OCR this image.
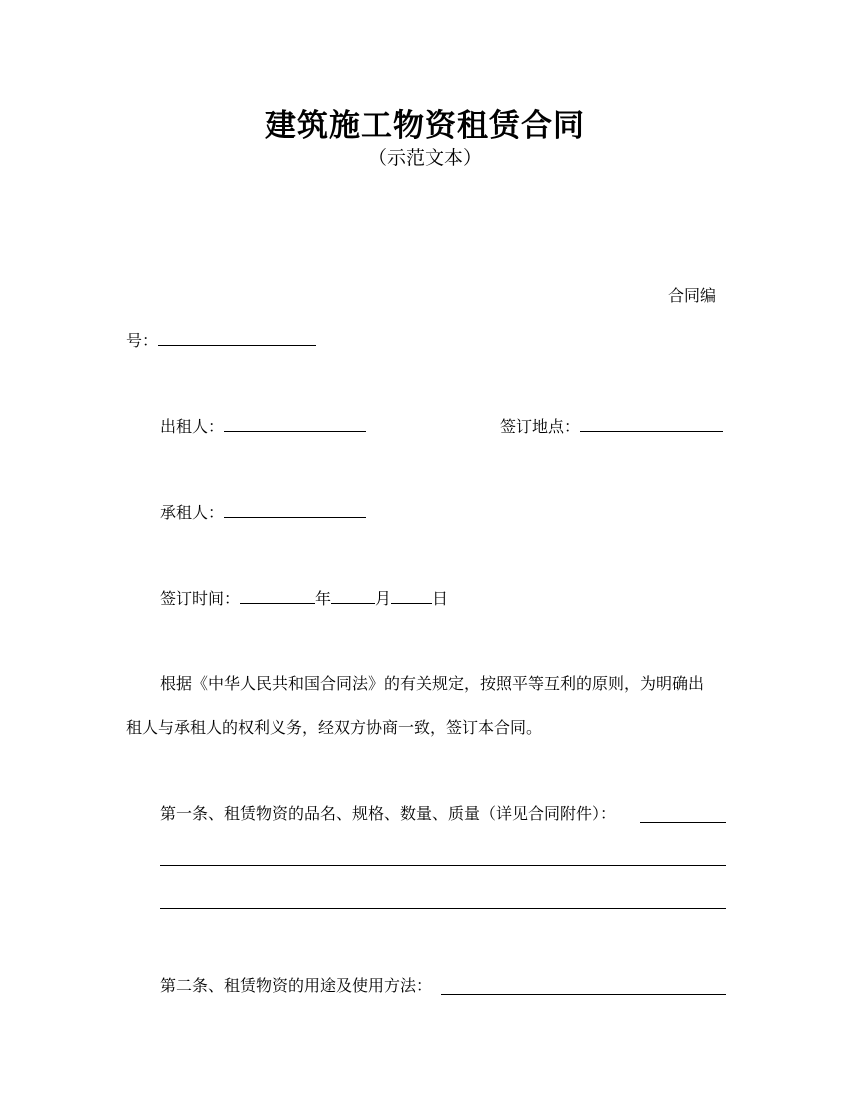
建筑施工物资租赁合同
（示范文本）
合同编
号：
出租人：	签订地点：
承租人：
签订时间：	年	月	日
根据《中华人民共和国合同法》的有关规定，按照平等互利的原则，为明确出
租人与承租人的权利义务，经双方协商一致，签订本合同。
第一条、租赁物资的品名、规格、数量、质量（详见合同附件）：
第二条、租赁物资的用途及使用方法：
